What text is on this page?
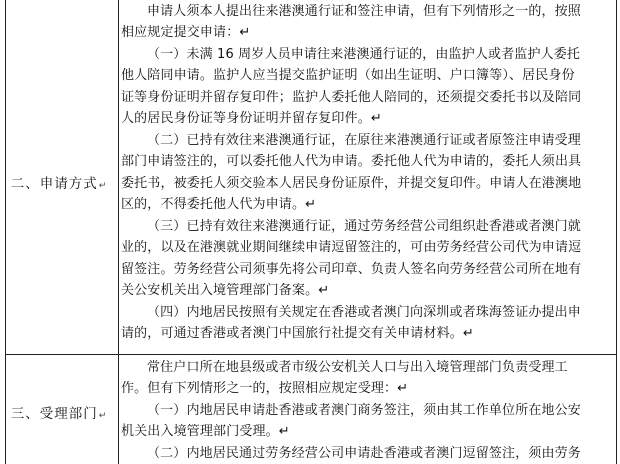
二、申请方式↵
申请人须本人提出往来港澳通行证和签注申请，但有下列情形之一的，按照
相应规定提交申请：↵
（一）未满 16 周岁人员申请往来港澳通行证的，由监护人或者监护人委托
他人陪同申请。监护人应当提交监护证明（如出生证明、户口簿等）、居民身份
证等身份证明并留存复印件；监护人委托他人陪同的，还须提交委托书以及陪同
人的居民身份证等身份证明并留存复印件。↵
（二）已持有效往来港澳通行证，在原往来港澳通行证或者原签注申请受理
部门申请签注的，可以委托他人代为申请。委托他人代为申请的，委托人须出具
委托书，被委托人须交验本人居民身份证原件，并提交复印件。申请人在港澳地
区的，不得委托他人代为申请。↵
（三）已持有效往来港澳通行证，通过劳务经营公司组织赴香港或者澳门就
业的，以及在港澳就业期间继续申请逗留签注的，可由劳务经营公司代为申请逗
留签注。劳务经营公司须事先将公司印章、负责人签名向劳务经营公司所在地有
关公安机关出入境管理部门备案。↵
（四）内地居民按照有关规定在香港或者澳门向深圳或者珠海签证办提出申
请的，可通过香港或者澳门中国旅行社提交有关申请材料。↵
三、受理部门↵
常住户口所在地县级或者市级公安机关人口与出入境管理部门负责受理工
作。但有下列情形之一的，按照相应规定受理：↵
（一）内地居民申请赴香港或者澳门商务签注，须由其工作单位所在地公安
机关出入境管理部门受理。↵
（二）内地居民通过劳务经营公司申请赴香港或者澳门逗留签注，须由劳务
